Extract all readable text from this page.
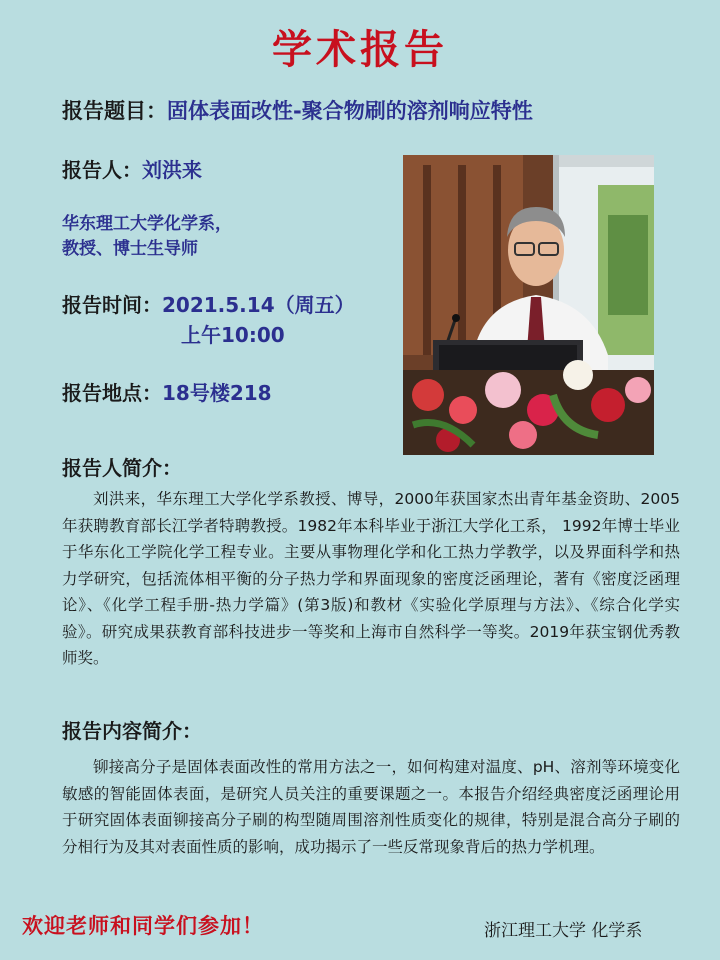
学术报告
报告题目：固体表面改性-聚合物刷的溶剂响应特性
报告人：刘洪来
华东理工大学化学系，
教授、博士生导师
报告时间：2021.5.14（周五）
上午10:00
报告地点：18号楼218
报告人简介：
刘洪来，华东理工大学化学系教授、博导，2000年获国家杰出青年基金资助、2005年获聘教育部长江学者特聘教授。1982年本科毕业于浙江大学化工系， 1992年博士毕业于华东化工学院化学工程专业。主要从事物理化学和化工热力学教学，以及界面科学和热力学研究，包括流体相平衡的分子热力学和界面现象的密度泛函理论，著有《密度泛函理论》、《化学工程手册-热力学篇》(第3版)和教材《实验化学原理与方法》、《综合化学实验》。研究成果获教育部科技进步一等奖和上海市自然科学一等奖。2019年获宝钢优秀教师奖。
报告内容简介：
铆接高分子是固体表面改性的常用方法之一，如何构建对温度、pH、溶剂等环境变化敏感的智能固体表面，是研究人员关注的重要课题之一。本报告介绍经典密度泛函理论用于研究固体表面铆接高分子刷的构型随周围溶剂性质变化的规律，特别是混合高分子刷的分相行为及其对表面性质的影响，成功揭示了一些反常现象背后的热力学机理。
欢迎老师和同学们参加！	浙江理工大学 化学系
